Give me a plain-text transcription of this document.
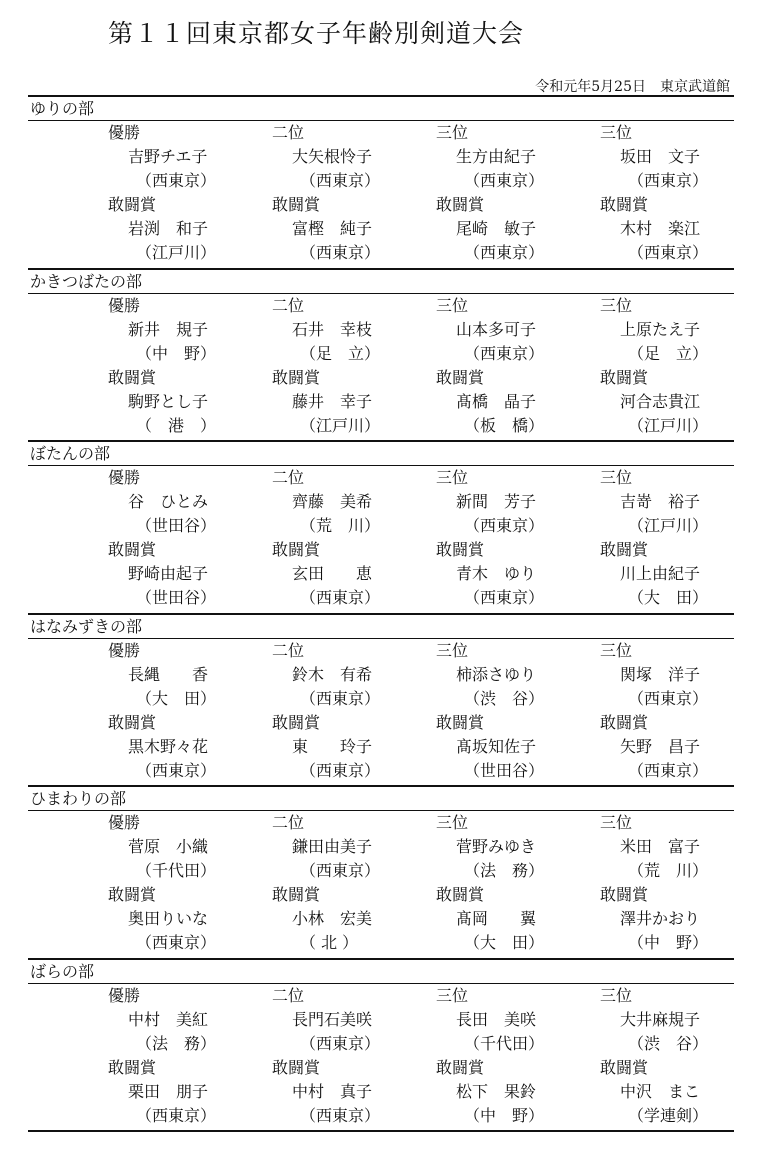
第１１回東京都女子年齢別剣道大会
令和元年5月25日　東京武道館
ゆりの部
優勝	二位	三位	三位
吉野チエ子	大矢根怜子	生方由紀子	坂田　文子
（西東京）	（西東京）	（西東京）	（西東京）
敢闘賞	敢闘賞	敢闘賞	敢闘賞
岩渕　和子	富樫　純子	尾崎　敏子	木村　楽江
（江戸川）	（西東京）	（西東京）	（西東京）
かきつばたの部
優勝	二位	三位	三位
新井　規子	石井　幸枝	山本多可子	上原たえ子
（中　野）	（足　立）	（西東京）	（足　立）
敢闘賞	敢闘賞	敢闘賞	敢闘賞
駒野とし子	藤井　幸子	髙橋　晶子	河合志貴江
（　港　）	（江戸川）	（板　橋）	（江戸川）
ぼたんの部
優勝	二位	三位	三位
谷　ひとみ	齊藤　美希	新間　芳子	吉嵜　裕子
（世田谷）	（荒　川）	（西東京）	（江戸川）
敢闘賞	敢闘賞	敢闘賞	敢闘賞
野崎由起子	玄田　　恵	青木　ゆり	川上由紀子
（世田谷）	（西東京）	（西東京）	（大　田）
はなみずきの部
優勝	二位	三位	三位
長縄　　香	鈴木　有希	柿添さゆり	関塚　洋子
（大　田）	（西東京）	（渋　谷）	（西東京）
敢闘賞	敢闘賞	敢闘賞	敢闘賞
黒木野々花	東　　玲子	髙坂知佐子	矢野　昌子
（西東京）	（西東京）	（世田谷）	（西東京）
ひまわりの部
優勝	二位	三位	三位
菅原　小織	鎌田由美子	菅野みゆき	米田　富子
（千代田）	（西東京）	（法　務）	（荒　川）
敢闘賞	敢闘賞	敢闘賞	敢闘賞
奥田りいな	小林　宏美	髙岡　　翼	澤井かおり
（西東京）	（ 北 ）	（大　田）	（中　野）
ばらの部
優勝	二位	三位	三位
中村　美紅	長門石美咲	長田　美咲	大井麻規子
（法　務）	（西東京）	（千代田）	（渋　谷）
敢闘賞	敢闘賞	敢闘賞	敢闘賞
栗田　朋子	中村　真子	松下　果鈴	中沢　まこ
（西東京）	（西東京）	（中　野）	（学連剣）
